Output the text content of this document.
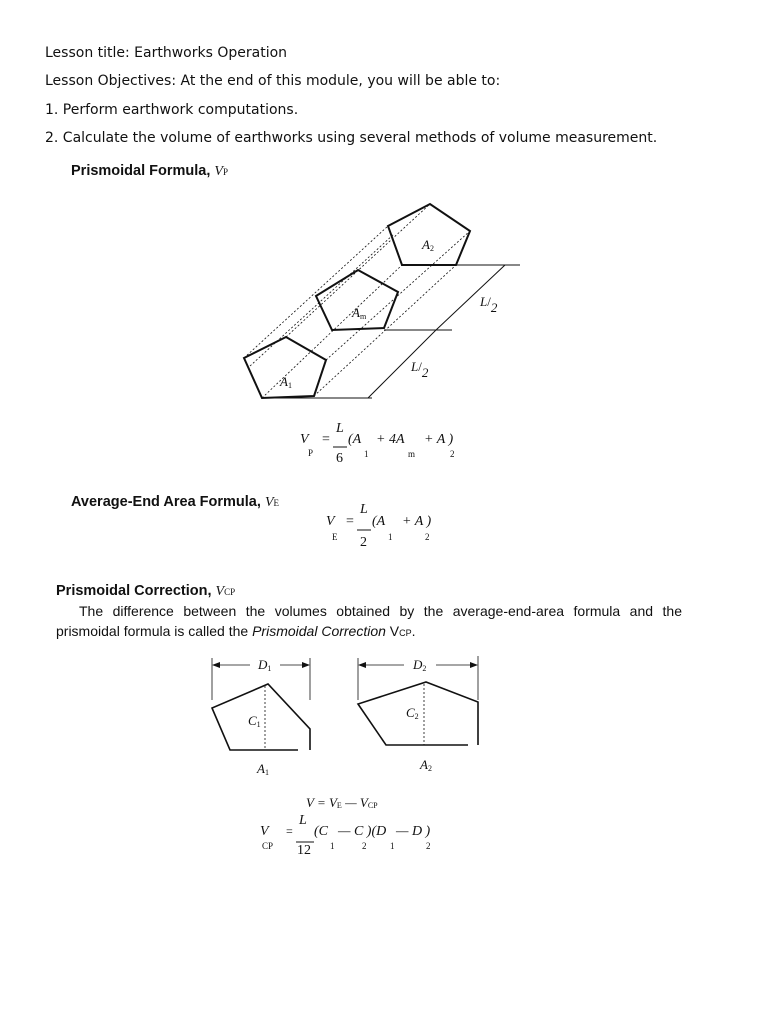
Lesson title: Earthworks Operation
Lesson Objectives: At the end of this module, you will be able to:
1. Perform earthwork computations.
2. Calculate the volume of earthworks using several methods of volume measurement.
Prismoidal Formula, VP
Average-End Area Formula, VE
Prismoidal Correction, VCP
The difference between the volumes obtained by the average-end-area formula and the
prismoidal formula is called the Prismoidal Correction VCP.
A1
Am
A2
L/2
L/2
V
P
=
L
6
(A
1
+ 4A
m
+ A )
2
V
E
=
L
2
(A
1
+ A )
2
D1	D2
C1
C2
A1
A2
V = VE — VCP
V
CP
=
L
12
(C
1
— C )(D
2	1
— D )
2
